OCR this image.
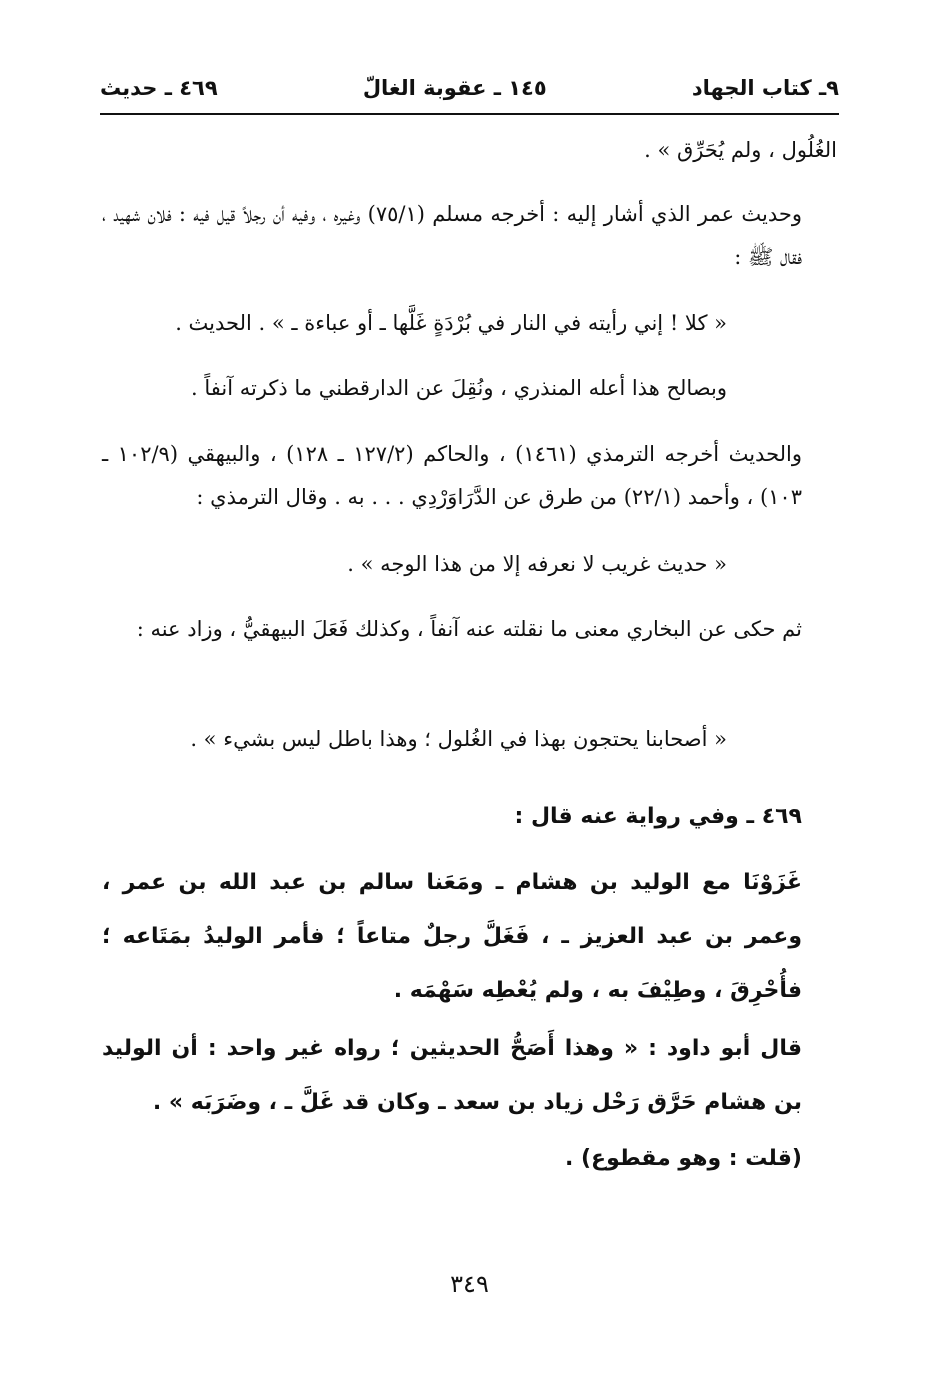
٩ـ كتاب الجهاد
١٤٥ ـ عقوبة الغالّ
٤٦٩ ـ حديث
الغُلُول ، ولم يُحَرِّق » .
وحديث عمر الذي أشار إليه : أخرجه مسلم (٧٥/١) وغيره ، وفيه أن رجلاً قيل فيه : فلان شهيد ، فقال ﷺ :
« كلا ! إني رأيته في النار في بُرْدَةٍ غَلَّها ـ أو عباءة ـ » . الحديث .
وبصالح هذا أعله المنذري ، ونُقِلَ عن الدارقطني ما ذكرته آنفاً .
والحديث أخرجه الترمذي (١٤٦١) ، والحاكم (١٢٧/٢ ـ ١٢٨) ، والبيهقي (١٠٢/٩ ـ ١٠٣) ، وأحمد (٢٢/١) من طرق عن الدَّرَاوَرْدِي . . . به . وقال الترمذي :
« حديث غريب لا نعرفه إلا من هذا الوجه » .
ثم حكى عن البخاري معنى ما نقلته عنه آنفاً ، وكذلك فَعَلَ البيهقيُّ ، وزاد عنه :
« أصحابنا يحتجون بهذا في الغُلول ؛ وهذا باطل ليس بشيء » .
٤٦٩ ـ وفي رواية عنه قال :
غَزَوْنَا مع الوليد بن هشام ـ ومَعَنا سالم بن عبد الله بن عمر ، وعمر بن عبد العزيز ـ ، فَغَلَّ رجلٌ متاعاً ؛ فأمر الوليدُ بمَتَاعه ؛ فأُحْرِقَ ، وطِيْفَ به ، ولم يُعْطِه سَهْمَه .
قال أبو داود : « وهذا أَصَحُّ الحديثين ؛ رواه غير واحد : أن الوليد بن هشام حَرَّق رَحْل زياد بن سعد ـ وكان قد غَلَّ ـ ، وضَرَبَه » .
(قلت : وهو مقطوع) .
٣٤٩
